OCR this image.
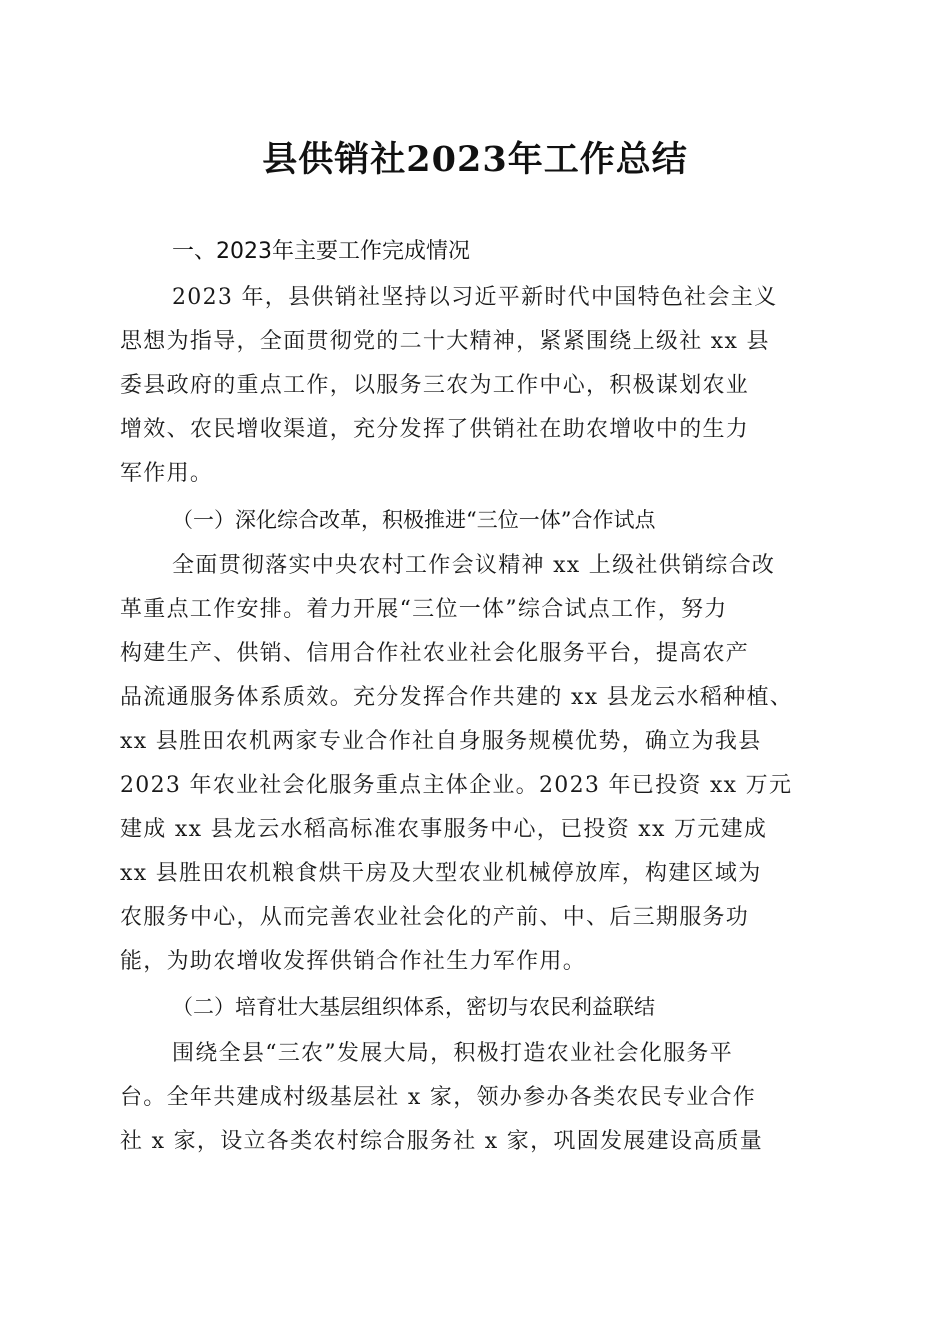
县供销社2023年工作总结
一、2023年主要工作完成情况
2023 年，县供销社坚持以习近平新时代中国特色社会主义
思想为指导，全面贯彻党的二十大精神，紧紧围绕上级社 xx 县
委县政府的重点工作，以服务三农为工作中心，积极谋划农业
增效、农民增收渠道，充分发挥了供销社在助农增收中的生力
军作用。
（一）深化综合改革，积极推进“三位一体”合作试点
全面贯彻落实中央农村工作会议精神 xx 上级社供销综合改
革重点工作安排。着力开展“三位一体”综合试点工作，努力
构建生产、供销、信用合作社农业社会化服务平台，提高农产
品流通服务体系质效。充分发挥合作共建的 xx 县龙云水稻种植、
xx 县胜田农机两家专业合作社自身服务规模优势，确立为我县
2023 年农业社会化服务重点主体企业。2023 年已投资 xx 万元
建成 xx 县龙云水稻高标准农事服务中心，已投资 xx 万元建成
xx 县胜田农机粮食烘干房及大型农业机械停放库，构建区域为
农服务中心，从而完善农业社会化的产前、中、后三期服务功
能，为助农增收发挥供销合作社生力军作用。
（二）培育壮大基层组织体系，密切与农民利益联结
围绕全县“三农”发展大局，积极打造农业社会化服务平
台。全年共建成村级基层社 x 家，领办参办各类农民专业合作
社 x 家，设立各类农村综合服务社 x 家，巩固发展建设高质量
